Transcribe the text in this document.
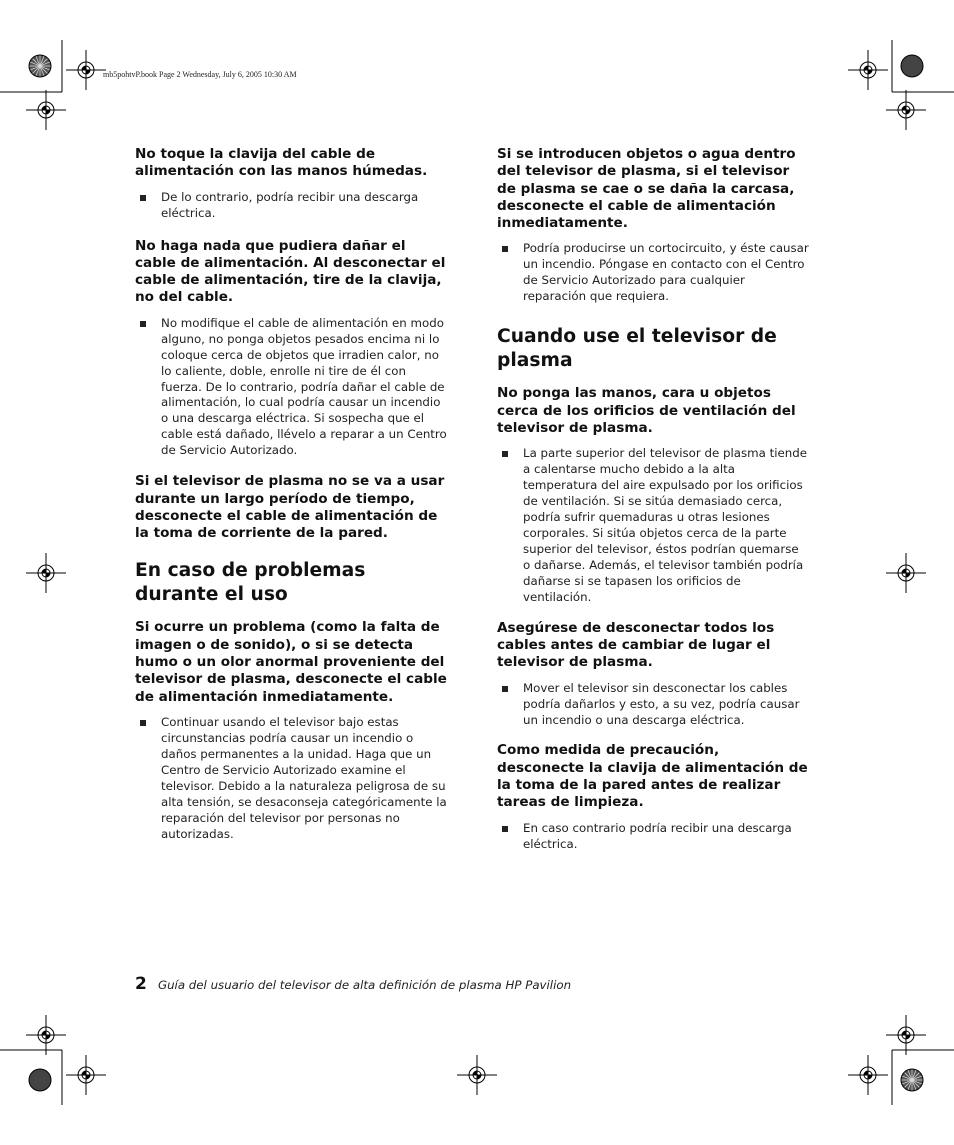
mb5pohtvP.book Page 2 Wednesday, July 6, 2005 10:30 AM

No toque la clavija del cable de alimentación con las manos húmedas.

De lo contrario, podría recibir una descarga eléctrica.

No haga nada que pudiera dañar el cable de alimentación. Al desconectar el cable de alimentación, tire de la clavija, no del cable.

No modifique el cable de alimentación en modo alguno, no ponga objetos pesados encima ni lo coloque cerca de objetos que irradien calor, no lo caliente, doble, enrolle ni tire de él con fuerza. De lo contrario, podría dañar el cable de alimentación, lo cual podría causar un incendio o una descarga eléctrica. Si sospecha que el cable está dañado, llévelo a reparar a un Centro de Servicio Autorizado.

Si el televisor de plasma no se va a usar durante un largo período de tiempo, desconecte el cable de alimentación de la toma de corriente de la pared.

En caso de problemas durante el uso

Si ocurre un problema (como la falta de imagen o de sonido), o si se detecta humo o un olor anormal proveniente del televisor de plasma, desconecte el cable de alimentación inmediatamente.

Continuar usando el televisor bajo estas circunstancias podría causar un incendio o daños permanentes a la unidad. Haga que un Centro de Servicio Autorizado examine el televisor. Debido a la naturaleza peligrosa de su alta tensión, se desaconseja categóricamente la reparación del televisor por personas no autorizadas.

Si se introducen objetos o agua dentro del televisor de plasma, si el televisor de plasma se cae o se daña la carcasa, desconecte el cable de alimentación inmediatamente.

Podría producirse un cortocircuito, y éste causar un incendio. Póngase en contacto con el Centro de Servicio Autorizado para cualquier reparación que requiera.
Cuando use el televisor de plasma

No ponga las manos, cara u objetos cerca de los orificios de ventilación del televisor de plasma.

La parte superior del televisor de plasma tiende a calentarse mucho debido a la alta temperatura del aire expulsado por los orificios de ventilación. Si se sitúa demasiado cerca, podría sufrir quemaduras u otras lesiones corporales. Si sitúa objetos cerca de la parte superior del televisor, éstos podrían quemarse o dañarse. Además, el televisor también podría dañarse si se tapasen los orificios de ventilación.

Asegúrese de desconectar todos los cables antes de cambiar de lugar el televisor de plasma.

Mover el televisor sin desconectar los cables podría dañarlos y esto, a su vez, podría causar un incendio o una descarga eléctrica.

Como medida de precaución, desconecte la clavija de alimentación de la toma de la pared antes de realizar tareas de limpieza.

En caso contrario podría recibir una descarga eléctrica.
2 Guía del usuario del televisor de alta definición de plasma HP Pavilion
